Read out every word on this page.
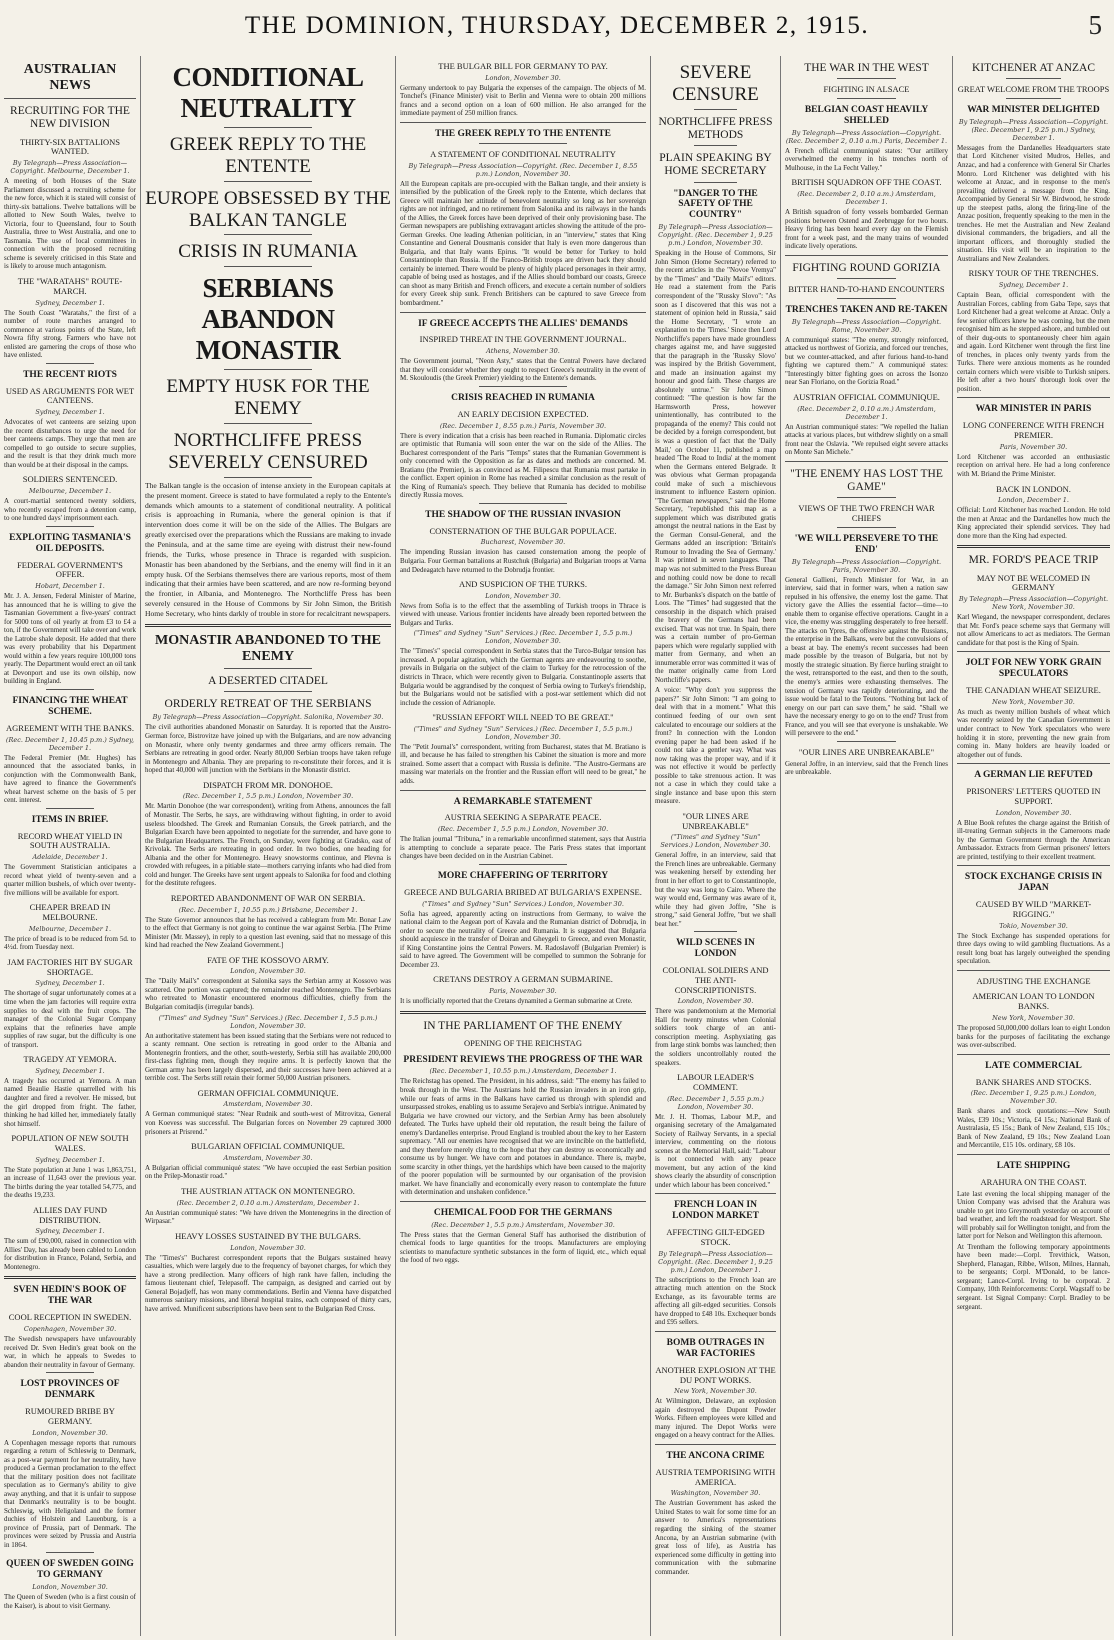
THE DOMINION, THURSDAY, DECEMBER 2, 1915.	5
AUSTRALIAN NEWS
RECRUITING FOR THE NEW DIVISION
THIRTY-SIX BATTALIONS WANTED.
By Telegraph—Press Association—Copyright. Melbourne, December 1.
A meeting of both Houses of the State Parliament discussed a recruiting scheme for the new force, which it is stated will consist of thirty-six battalions. Twelve battalions will be allotted to New South Wales, twelve to Victoria, four to Queensland, four to South Australia, three to West Australia, and one to Tasmania. The use of local committees in connection with the proposed recruiting scheme is severely criticised in this State and is likely to arouse much antagonism.
THE "WARATAHS" ROUTE-MARCH.
Sydney, December 1.
The South Coast "Waratahs," the first of a number of route marches arranged to commence at various points of the State, left Nowra fifty strong. Farmers who have not enlisted are garnering the crops of those who have enlisted.
THE RECENT RIOTS
USED AS ARGUMENTS FOR WET CANTEENS.
Sydney, December 1.
Advocates of wet canteens are seizing upon the recent disturbances to urge the need for beer canteens camps. They urge that men are compelled to go outside to secure supplies, and the result is that they drink much more than would be at their disposal in the camps.
SOLDIERS SENTENCED.
Melbourne, December 1.
A court-martial sentenced twenty soldiers, who recently escaped from a detention camp, to one hundred days' imprisonment each.
EXPLOITING TASMANIA'S OIL DEPOSITS.
FEDERAL GOVERNMENT'S OFFER.
Hobart, December 1.
Mr. J. A. Jensen, Federal Minister of Marine, has announced that he is willing to give the Tasmanian Government a five-years' contract for 5000 tons of oil yearly at from £3 to £4 a ton, if the Government will take over and work the Latrobe shale deposit. He added that there was every probability that his Department would within a few years require 100,000 tons yearly. The Department would erect an oil tank at Devonport and use its own oilship, now building in England.
FINANCING THE WHEAT SCHEME.
AGREEMENT WITH THE BANKS.
(Rec. December 1, 10.45 p.m.) Sydney, December 1.
The Federal Premier (Mr. Hughes) has announced that the associated banks, in conjunction with the Commonwealth Bank, have agreed to finance the Government's wheat harvest scheme on the basis of 5 per cent. interest.
ITEMS IN BRIEF.
RECORD WHEAT YIELD IN SOUTH AUSTRALIA.
Adelaide, December 1.
The Government Statistician anticipates a record wheat yield of twenty-seven and a quarter million bushels, of which over twenty-five millions will be available for export.
CHEAPER BREAD IN MELBOURNE.
Melbourne, December 1.
The price of bread is to be reduced from 5d. to 4½d. from Tuesday next.
JAM FACTORIES HIT BY SUGAR SHORTAGE.
Sydney, December 1.
The shortage of sugar unfortunately comes at a time when the jam factories will require extra supplies to deal with the fruit crops. The manager of the Colonial Sugar Company explains that the refineries have ample supplies of raw sugar, but the difficulty is one of transport.
TRAGEDY AT YEMORA.
Sydney, December 1.
A tragedy has occurred at Yemora. A man named Beaulie Hastie quarrelled with his daughter and fired a revolver. He missed, but the girl dropped from fright. The father, thinking he had killed her, immediately fatally shot himself.
POPULATION OF NEW SOUTH WALES.
Sydney, December 1.
The State population at June 1 was 1,863,751, an increase of 11,643 over the previous year. The births during the year totalled 54,775, and the deaths 19,233.
ALLIES DAY FUND DISTRIBUTION.
Sydney, December 1.
The sum of £90,000, raised in connection with Allies' Day, has already been cabled to London for distribution in France, Poland, Serbia, and Montenegro.
SVEN HEDIN'S BOOK OF THE WAR
COOL RECEPTION IN SWEDEN.
Copenhagen, November 30.
The Swedish newspapers have unfavourably received Dr. Sven Hedin's great book on the war, in which he appeals to Swedes to abandon their neutrality in favour of Germany.
LOST PROVINCES OF DENMARK
RUMOURED BRIBE BY GERMANY.
London, November 30.
A Copenhagen message reports that rumours regarding a return of Schleswig to Denmark, as a post-war payment for her neutrality, have produced a German proclamation to the effect that the military position does not facilitate speculation as to Germany's ability to give away anything, and that it is unfair to suppose that Denmark's neutrality is to be bought. Schleswig, with Heligoland and the former duchies of Holstein and Lauenburg, is a province of Prussia, part of Denmark. The provinces were seized by Prussia and Austria in 1864.
QUEEN OF SWEDEN GOING TO GERMANY
London, November 30.
The Queen of Sweden (who is a first cousin of the Kaiser), is about to visit Germany.
CONDITIONAL NEUTRALITY
GREEK REPLY TO THE ENTENTE
EUROPE OBSESSED BY THE BALKAN TANGLE
CRISIS IN RUMANIA
SERBIANS ABANDON MONASTIR
EMPTY HUSK FOR THE ENEMY
NORTHCLIFFE PRESS SEVERELY CENSURED
The Balkan tangle is the occasion of intense anxiety in the European capitals at the present moment. Greece is stated to have formulated a reply to the Entente's demands which amounts to a statement of conditional neutrality. A political crisis is approaching in Rumania, where the general opinion is that if intervention does come it will be on the side of the Allies. The Bulgars are greatly exercised over the preparations which the Russians are making to invade the Peninsula, and at the same time are eyeing with distrust their new-found friends, the Turks, whose presence in Thrace is regarded with suspicion. Monastir has been abandoned by the Serbians, and the enemy will find in it an empty husk. Of the Serbians themselves there are various reports, most of them indicating that their armies have been scattered, and are now re-forming beyond the frontier, in Albania, and Montenegro. The Northcliffe Press has been severely censured in the House of Commons by Sir John Simon, the British Home Secretary, who hints darkly of trouble in store for recalcitrant newspapers.
MONASTIR ABANDONED TO THE ENEMY
A DESERTED CITADEL
ORDERLY RETREAT OF THE SERBIANS
By Telegraph—Press Association—Copyright. Salonika, November 30.
The civil authorities abandoned Monastir on Saturday. It is reported that the Austro-German force, Bistrovitze have joined up with the Bulgarians, and are now advancing on Monastir, where only twenty gendarmes and three army officers remain. The Serbians are retreating in good order. Nearly 80,000 Serbian troops have taken refuge in Montenegro and Albania. They are preparing to re-constitute their forces, and it is hoped that 40,000 will junction with the Serbians in the Monastir district.
DISPATCH FROM MR. DONOHOE.
(Rec. December 1, 5.5 p.m.) London, November 30.
Mr. Martin Donohoe (the war correspondent), writing from Athens, announces the fall of Monastir. The Serbs, he says, are withdrawing without fighting, in order to avoid useless bloodshed. The Greek and Rumanian Consuls, the Greek patriarch, and the Bulgarian Exarch have been appointed to negotiate for the surrender, and have gone to the Bulgarian Headquarters. The French, on Sunday, were fighting at Gradsko, east of Krivolak. The Serbs are retreating in good order. In two bodies, one heading for Albania and the other for Montenegro. Heavy snowstorms continue, and Plevna is crowded with refugees, in a pitiable state—mothers carrying infants who had died from cold and hunger. The Greeks have sent urgent appeals to Salonika for food and clothing for the destitute refugees.
REPORTED ABANDONMENT OF WAR ON SERBIA.
(Rec. December 1, 10.55 p.m.) Brisbane, December 1.
The State Governor announces that he has received a cablegram from Mr. Bonar Law to the effect that Germany is not going to continue the war against Serbia. [The Prime Minister (Mr. Massey), in reply to a question last evening, said that no message of this kind had reached the New Zealand Government.]
FATE OF THE KOSSOVO ARMY.
London, November 30.
The "Daily Mail's" correspondent at Salonika says the Serbian army at Kossovo was scattered. One portion was captured; the remainder reached Montenegro. The Serbians who retreated to Monastir encountered enormous difficulties, chiefly from the Bulgarian comitadjis (irregular bands).
("Times" and Sydney "Sun" Services.) (Rec. December 1, 5.5 p.m.) London, November 30.
An authoritative statement has been issued stating that the Serbians were not reduced to a scanty remnant. One section is retreating in good order to the Albania and Montenegrin frontiers, and the other, south-westerly, Serbia still has available 200,000 first-class fighting men, though they require arms. It is perfectly known that the German army has been largely dispersed, and their successes have been achieved at a terrible cost. The Serbs still retain their former 50,000 Austrian prisoners.
GERMAN OFFICIAL COMMUNIQUE.
Amsterdam, November 30.
A German communiqué states: "Near Rudnik and south-west of Mitrovitza, General von Koevess was successful. The Bulgarian forces on November 29 captured 3000 prisoners at Prisrend."
BULGARIAN OFFICIAL COMMUNIQUE.
Amsterdam, November 30.
A Bulgarian official communiqué states: "We have occupied the east Serbian position on the Prilep-Monastir road."
THE AUSTRIAN ATTACK ON MONTENEGRO.
(Rec. December 2, 0.10 a.m.) Amsterdam, December 1.
An Austrian communiqué states: "We have driven the Montenegrins in the direction of Wirpasar."
HEAVY LOSSES SUSTAINED BY THE BULGARS.
London, November 30.
The "Times's" Bucharest correspondent reports that the Bulgars sustained heavy casualties, which were largely due to the frequency of bayonet charges, for which they have a strong predilection. Many officers of high rank have fallen, including the famous lieutenant chief, Telepasoff. The campaign, as designed and carried out by General Bojadjeff, has won many commendations. Berlin and Vienna have dispatched numerous sanitary missions, and liberal hospital trains, each composed of thirty cars, have arrived. Munificent subscriptions have been sent to the Bulgarian Red Cross.
THE BULGAR BILL FOR GERMANY TO PAY.
London, November 30.
Germany undertook to pay Bulgaria the expenses of the campaign. The objects of M. Tonchef's (Finance Minister) visit to Berlin and Vienna were to obtain 200 millions francs and a second option on a loan of 600 million. He also arranged for the immediate payment of 250 million francs.
THE GREEK REPLY TO THE ENTENTE
A STATEMENT OF CONDITIONAL NEUTRALITY
By Telegraph—Press Association—Copyright. (Rec. December 1, 8.55 p.m.) London, November 30.
All the European capitals are pre-occupied with the Balkan tangle, and their anxiety is intensified by the publication of the Greek reply to the Entente, which declares that Greece will maintain her attitude of benevolent neutrality so long as her sovereign rights are not infringed, and no retirement from Salonika and its railways in the hands of the Allies, the Greek forces have been deprived of their only provisioning base. The German newspapers are publishing extravagant articles showing the attitude of the pro-German Greeks. One leading Athenian politician, in an "interview," states that King Constantine and General Dousmanis consider that Italy is even more dangerous than Bulgaria, and that Italy wants Epirus. "It would be better for Turkey to hold Constantinople than Russia. If the Franco-British troops are driven back they should certainly be interned. There would be plenty of highly placed personages in their army, capable of being used as hostages, and if the Allies should bombard our coasts, Greece can shoot as many British and French officers, and execute a certain number of soldiers for every Greek ship sunk. French Britishers can be captured to save Greece from bombardment."
IF GREECE ACCEPTS THE ALLIES' DEMANDS
INSPIRED THREAT IN THE GOVERNMENT JOURNAL.
Athens, November 30.
The Government journal, "Neon Asty," states that the Central Powers have declared that they will consider whether they ought to respect Greece's neutrality in the event of M. Skouloudis (the Greek Premier) yielding to the Entente's demands.
CRISIS REACHED IN RUMANIA
AN EARLY DECISION EXPECTED.
(Rec. December 1, 8.55 p.m.) Paris, November 30.
There is every indication that a crisis has been reached in Rumania. Diplomatic circles are optimistic that Rumania will soon enter the war on the side of the Allies. The Bucharest correspondent of the Paris "Temps" states that the Rumanian Government is only concerned with the Opposition as far as dates and methods are concerned. M. Bratianu (the Premier), is as convinced as M. Filipescu that Rumania must partake in the conflict. Expert opinion in Rome has reached a similar conclusion as the result of the King of Rumania's speech. They believe that Rumania has decided to mobilise directly Russia moves.
THE SHADOW OF THE RUSSIAN INVASION
CONSTERNATION OF THE BULGAR POPULACE.
Bucharest, November 30.
The impending Russian invasion has caused consternation among the people of Bulgaria. Four German battalions at Rustchuk (Bulgaria) and Bulgarian troops at Varna and Dedeagatch have returned to the Dobrudja frontier.
AND SUSPICION OF THE TURKS.
London, November 30.
News from Sofia is to the effect that the assembling of Turkish troops in Thrace is viewed with unease. Various frontier incidents have already been reported between the Bulgars and Turks.
("Times" and Sydney "Sun" Services.) (Rec. December 1, 5.5 p.m.) London, November 30.
The "Times's" special correspondent in Serbia states that the Turco-Bulgar tension has increased. A popular agitation, which the German agents are endeavouring to soothe, prevails in Bulgaria on the subject of the claim to Turkey for the retrocession of the districts in Thrace, which were recently given to Bulgaria. Constantinople asserts that Bulgaria would be aggrandised by the conquest of Serbia owing to Turkey's friendship, but the Bulgarians would not be satisfied with a post-war settlement which did not include the cession of Adrianople.
"RUSSIAN EFFORT WILL NEED TO BE GREAT."
("Times" and Sydney "Sun" Services.) (Rec. December 1, 5.5 p.m.) London, November 30.
The "Petit Journal's" correspondent, writing from Bucharest, states that M. Bratiano is ill, and because he has failed to strengthen his Cabinet the situation is more and more strained. Some assert that a compact with Russia is definite. "The Austro-Germans are massing war materials on the frontier and the Russian effort will need to be great," he adds.
A REMARKABLE STATEMENT
AUSTRIA SEEKING A SEPARATE PEACE.
(Rec. December 1, 5.5 p.m.) London, November 30.
The Italian journal "Tribuna," in a remarkable unconfirmed statement, says that Austria is attempting to conclude a separate peace. The Paris Press states that important changes have been decided on in the Austrian Cabinet.
MORE CHAFFERING OF TERRITORY
GREECE AND BULGARIA BRIBED AT BULGARIA'S EXPENSE.
("Times" and Sydney "Sun" Services.) London, November 30.
Sofia has agreed, apparently acting on instructions from Germany, to waive the national claim to the Aegean port of Kavala and the Rumanian district of Dobrudja, in order to secure the neutrality of Greece and Rumania. It is suggested that Bulgaria should acquiesce in the transfer of Doiran and Gheygeli to Greece, and even Monastir, if King Constantine joins the Central Powers. M. Radoslavoff (Bulgarian Premier) is said to have agreed. The Government will be compelled to summon the Sobranje for December 23.
CRETANS DESTROY A GERMAN SUBMARINE.
Paris, November 30.
It is unofficially reported that the Cretans dynamited a German submarine at Crete.
IN THE PARLIAMENT OF THE ENEMY
OPENING OF THE REICHSTAG
PRESIDENT REVIEWS THE PROGRESS OF THE WAR
(Rec. December 1, 10.55 p.m.) Amsterdam, December 1.
The Reichstag has opened. The President, in his address, said: "The enemy has failed to break through in the West. The Austrians hold the Russian invaders in an iron grip, while our feats of arms in the Balkans have carried us through with splendid and unsurpassed strokes, enabling us to assume Serajevo and Serbia's intrigue. Animated by Bulgaria we have crowned our victory, and the Serbian Army has been absolutely defeated. The Turks have upheld their old reputation, the result being the failure of enemy's Dardanelles enterprise. Proud England is troubled about the key to her Eastern supremacy. "All our enemies have recognised that we are invincible on the battlefield, and they therefore merely cling to the hope that they can destroy us economically and consume us by hunger. We have corn and potatoes in abundance. There is, maybe, some scarcity in other things, yet the hardships which have been caused to the majority of the poorer population will be surmounted by our organisation of the provision market. We have financially and economically every reason to contemplate the future with determination and unshaken confidence."
CHEMICAL FOOD FOR THE GERMANS
(Rec. December 1, 5.5 p.m.) Amsterdam, November 30.
The Press states that the German General Staff has authorised the distribution of chemical foods to large quantities for the troops. Manufacturers are employing scientists to manufacture synthetic substances in the form of liquid, etc., which equal the food of two eggs.
SEVERE CENSURE
NORTHCLIFFE PRESS METHODS
PLAIN SPEAKING BY HOME SECRETARY
"DANGER TO THE SAFETY OF THE COUNTRY"
By Telegraph—Press Association—Copyright. (Rec. December 1, 9.25 p.m.) London, November 30.
Speaking in the House of Commons, Sir John Simon (Home Secretary) referred to the recent articles in the "Novoe Vremya" by the "Times" and "Daily Mail's" editors. He read a statement from the Paris correspondent of the "Russky Slovo": "As soon as I discovered that this was not a statement of opinion held in Russia," said the Home Secretary, "I wrote an explanation to the 'Times.' Since then Lord Northcliffe's papers have made groundless charges against me, and have suggested that the paragraph in the 'Russky Slovo' was inspired by the British Government, and made an insinuation against my honour and good faith. These charges are absolutely untrue." Sir John Simon continued: "The question is how far the Harmsworth Press, however unintentionally, has contributed to the propaganda of the enemy? This could not be decided by a foreign correspondent, but is was a question of fact that the 'Daily Mail,' on October 11, published a map headed 'The Road to India' at the moment when the Germans entered Belgrade. It was obvious what German propaganda could make of such a mischievous instrument to influence Eastern opinion. "The German newspapers," said the Home Secretary, "republished this map as a supplement which was distributed gratis amongst the neutral nations in the East by the German Consul-General, and the Germans added an inscription: 'Britain's Rumour to Invading the Sea of Germany.' It was printed in seven languages. That map was not submitted to the Press Bureau and nothing could now be done to recall the damage." Sir John Simon next referred to Mr. Burbanks's dispatch on the battle of Loos. The "Times" had suggested that the censorship in the dispatch which praised the bravery of the Germans had been excised. That was not true. In Spain, there was a certain number of pro-German papers which were regularly supplied with matter from Germany, and when an innumerable error was committed it was of the matter originally came from Lord Northcliffe's papers.
A voice: "Why don't you suppress the papers?" Sir John Simon: "I am going to deal with that in a moment." What this continued feeding of our own sent calculated to encourage our soldiers at the front? In connection with the London evening paper he had been asked if he could not take a gentler way. What was now taking was the proper way, and if it was not effective it would be perfectly possible to take strenuous action. It was not a case in which they could take a single instance and base upon this stern measure.
"OUR LINES ARE UNBREAKABLE"
("Times" and Sydney "Sun" Services.) London, November 30.
General Joffre, in an interview, said that the French lines are unbreakable. Germany was weakening herself by extending her front in her effort to get to Constantinople, but the way was long to Cairo. Where the way would end, Germany was aware of it, while they had given Joffre, "She is strong," said General Joffre, "but we shall beat her."
WILD SCENES IN LONDON
COLONIAL SOLDIERS AND THE ANTI-CONSCRIPTIONISTS.
London, November 30.
There was pandemonium at the Memorial Hall for twenty minutes when Colonial soldiers took charge of an anti-conscription meeting. Asphyxiating gas from large stink bombs was launched; then the soldiers uncontrollably routed the speakers.
LABOUR LEADER'S COMMENT.
(Rec. December 1, 5.55 p.m.) London, November 30.
Mr. J. H. Thomas, Labour M.P., and organising secretary of the Amalgamated Society of Railway Servants, in a special interview, commenting on the riotous scenes at the Memorial Hall, said: "Labour is not connected with any peace movement, but any action of the kind shows clearly the absurdity of conscription under which labour has been conceived."
FRENCH LOAN IN LONDON MARKET
AFFECTING GILT-EDGED STOCK.
By Telegraph—Press Association—Copyright. (Rec. December 1, 9.25 p.m.) London, December 1.
The subscriptions to the French loan are attracting much attention on the Stock Exchange, as its favourable terms are affecting all gilt-edged securities. Consols have dropped to £48 10s. Exchequer bonds and £95 sellers.
BOMB OUTRAGES IN WAR FACTORIES
ANOTHER EXPLOSION AT THE DU PONT WORKS.
New York, November 30.
At Wilmington, Delaware, an explosion again destroyed the Dupont Powder Works. Fifteen employees were killed and many injured. The Depot Works were engaged on a heavy contract for the Allies.
THE ANCONA CRIME
AUSTRIA TEMPORISING WITH AMERICA.
Washington, November 30.
The Austrian Government has asked the United States to wait for some time for an answer to America's representations regarding the sinking of the steamer Ancona, by an Austrian submarine (with great loss of life), as Austria has experienced some difficulty in getting into communication with the submarine commander.
THE WAR IN THE WEST
FIGHTING IN ALSACE
BELGIAN COAST HEAVILY SHELLED
By Telegraph—Press Association—Copyright. (Rec. December 2, 0.10 a.m.) Paris, December 1.
A French official communiqué states: "Our artillery overwhelmed the enemy in his trenches north of Mulhouse, in the La Fecht Valley."
BRITISH SQUADRON OFF THE COAST.
(Rec. December 2, 0.10 a.m.) Amsterdam, December 1.
A British squadron of forty vessels bombarded German positions between Ostend and Zeebrugge for two hours. Heavy firing has been heard every day on the Flemish front for a week past, and the many trains of wounded indicate lively operations.
FIGHTING ROUND GORIZIA
BITTER HAND-TO-HAND ENCOUNTERS
TRENCHES TAKEN AND RE-TAKEN
By Telegraph—Press Association—Copyright. Rome, November 30.
A communiqué states: "The enemy, strongly reinforced, attacked us northwest of Gorizia, and forced our trenches, but we counter-attacked, and after furious hand-to-hand fighting we captured them." A communiqué states: "Interestingly bitter fighting goes on across the Isonzo near San Floriano, on the Gorizia Road."
AUSTRIAN OFFICIAL COMMUNIQUE.
(Rec. December 2, 0.10 a.m.) Amsterdam, December 1.
An Austrian communiqué states: "We repelled the Italian attacks at various places, but withdrew slightly on a small front near the Oslavia. "We repulsed eight severe attacks on Monte San Michele."
"THE ENEMY HAS LOST THE GAME"
VIEWS OF THE TWO FRENCH WAR CHIEFS
'WE WILL PERSEVERE TO THE END'
By Telegraph—Press Association—Copyright. Paris, November 30.
General Gallieni, French Minister for War, in an interview, said that in former wars, when a nation saw repulsed in his offensive, the enemy lost the game. That victory gave the Allies the essential factor—time—to enable them to organise effective operations. Caught in a vice, the enemy was struggling desperately to free herself. The attacks on Ypres, the offensive against the Russians, the enterprise in the Balkans, were but the convulsions of a beast at bay. The enemy's recent successes had been made possible by the treason of Bulgaria, but not by mostly the strategic situation. By fierce hurling straight to the west, retransported to the east, and then to the south, the enemy's armies were exhausting themselves. The tension of Germany was rapidly deteriorating, and the issue would be fatal to the Teutons. "Nothing but lack of energy on our part can save them," he said. "Shall we have the necessary energy to go on to the end? Trust from France, and you will see that everyone is unshakable. We will persevere to the end."
"OUR LINES ARE UNBREAKABLE"
General Joffre, in an interview, said that the French lines are unbreakable.
KITCHENER AT ANZAC
GREAT WELCOME FROM THE TROOPS
WAR MINISTER DELIGHTED
By Telegraph—Press Association—Copyright. (Rec. December 1, 9.25 p.m.) Sydney, December 1.
Messages from the Dardanelles Headquarters state that Lord Kitchener visited Mudros, Helles, and Anzac, and had a conference with General Sir Charles Monro. Lord Kitchener was delighted with his welcome at Anzac, and in response to the men's prevailing delivered a message from the King. Accompanied by General Sir W. Birdwood, he strode up the steepest paths, along the firing-line of the Anzac position, frequently speaking to the men in the trenches. He met the Australian and New Zealand divisional commanders, the brigadiers, and all the important officers, and thoroughly studied the situation. His visit will be an inspiration to the Australians and New Zealanders.
RISKY TOUR OF THE TRENCHES.
Sydney, December 1.
Captain Bean, official correspondent with the Australian Forces, cabling from Gaba Tepe, says that Lord Kitchener had a great welcome at Anzac. Only a few senior officers knew he was coming, but the men recognised him as he stepped ashore, and tumbled out of their dug-outs to spontaneously cheer him again and again. Lord Kitchener went through the first line of trenches, in places only twenty yards from the Turks. There were anxious moments as he rounded certain corners which were visible to Turkish snipers. He left after a two hours' thorough look over the position.
WAR MINISTER IN PARIS
LONG CONFERENCE WITH FRENCH PREMIER.
Paris, November 30.
Lord Kitchener was accorded an enthusiastic reception on arrival here. He had a long conference with M. Briand the Prime Minister.
BACK IN LONDON.
London, December 1.
Official: Lord Kitchener has reached London. He told the men at Anzac and the Dardanelles how much the King appreciated their splendid services. They had done more than the King had expected.
MR. FORD'S PEACE TRIP
MAY NOT BE WELCOMED IN GERMANY
By Telegraph—Press Association—Copyright. New York, November 30.
Karl Wiegand, the newspaper correspondent, declares that Mr. Ford's peace scheme says that Germany will not allow Americans to act as mediators. The German candidate for that post is the King of Spain.
JOLT FOR NEW YORK GRAIN SPECULATORS
THE CANADIAN WHEAT SEIZURE.
New York, November 30.
As much as twenty million bushels of wheat which was recently seized by the Canadian Government is under contract to New York speculators who were holding it in store, preventing the new grain from coming in. Many holders are heavily loaded or altogether out of funds.
A GERMAN LIE REFUTED
PRISONERS' LETTERS QUOTED IN SUPPORT.
London, November 30.
A Blue Book refutes the charge against the British of ill-treating German subjects in the Cameroons made by the German Government through the American Ambassador. Extracts from German prisoners' letters are printed, testifying to their excellent treatment.
STOCK EXCHANGE CRISIS IN JAPAN
CAUSED BY WILD "MARKET-RIGGING."
Tokio, November 30.
The Stock Exchange has suspended operations for three days owing to wild gambling fluctuations. As a result long boat has largely outweighed the spending speculation.
ADJUSTING THE EXCHANGE
AMERICAN LOAN TO LONDON BANKS.
New York, November 30.
The proposed 50,000,000 dollars loan to eight London banks for the purposes of facilitating the exchange was over-subscribed.
LATE COMMERCIAL
BANK SHARES AND STOCKS.
(Rec. December 1, 9.25 p.m.) London, November 30.
Bank shares and stock quotations:—New South Wales, £39 10s.; Victoria, £4 15s.; National Bank of Australasia, £5 15s.; Bank of New Zealand, £15 10s.; Bank of New Zealand, £9 10s.; New Zealand Loan and Mercantile, £15 10s. ordinary, £8 10s.
LATE SHIPPING
ARAHURA ON THE COAST.
Late last evening the local shipping manager of the Union Company was advised that the Arahura was unable to get into Greymouth yesterday on account of bad weather, and left the roadstead for Westport. She will probably sail for Wellington tonight, and from the latter port for Nelson and Wellington this afternoon.
At Trentham the following temporary appointments have been made:—Corpl. Trevithick, Watson, Shepherd, Flanagan, Ribbe, Wilson, Milnes, Hannah, to be sergeants; Corpl. M'Donald, to be lance-sergeant; Lance-Corpl. Irving to be corporal. 2 Company, 10th Reinforcements: Corpl. Wagstaff to be sergeant. 1st Signal Company: Corpl. Bradley to be sergeant.
